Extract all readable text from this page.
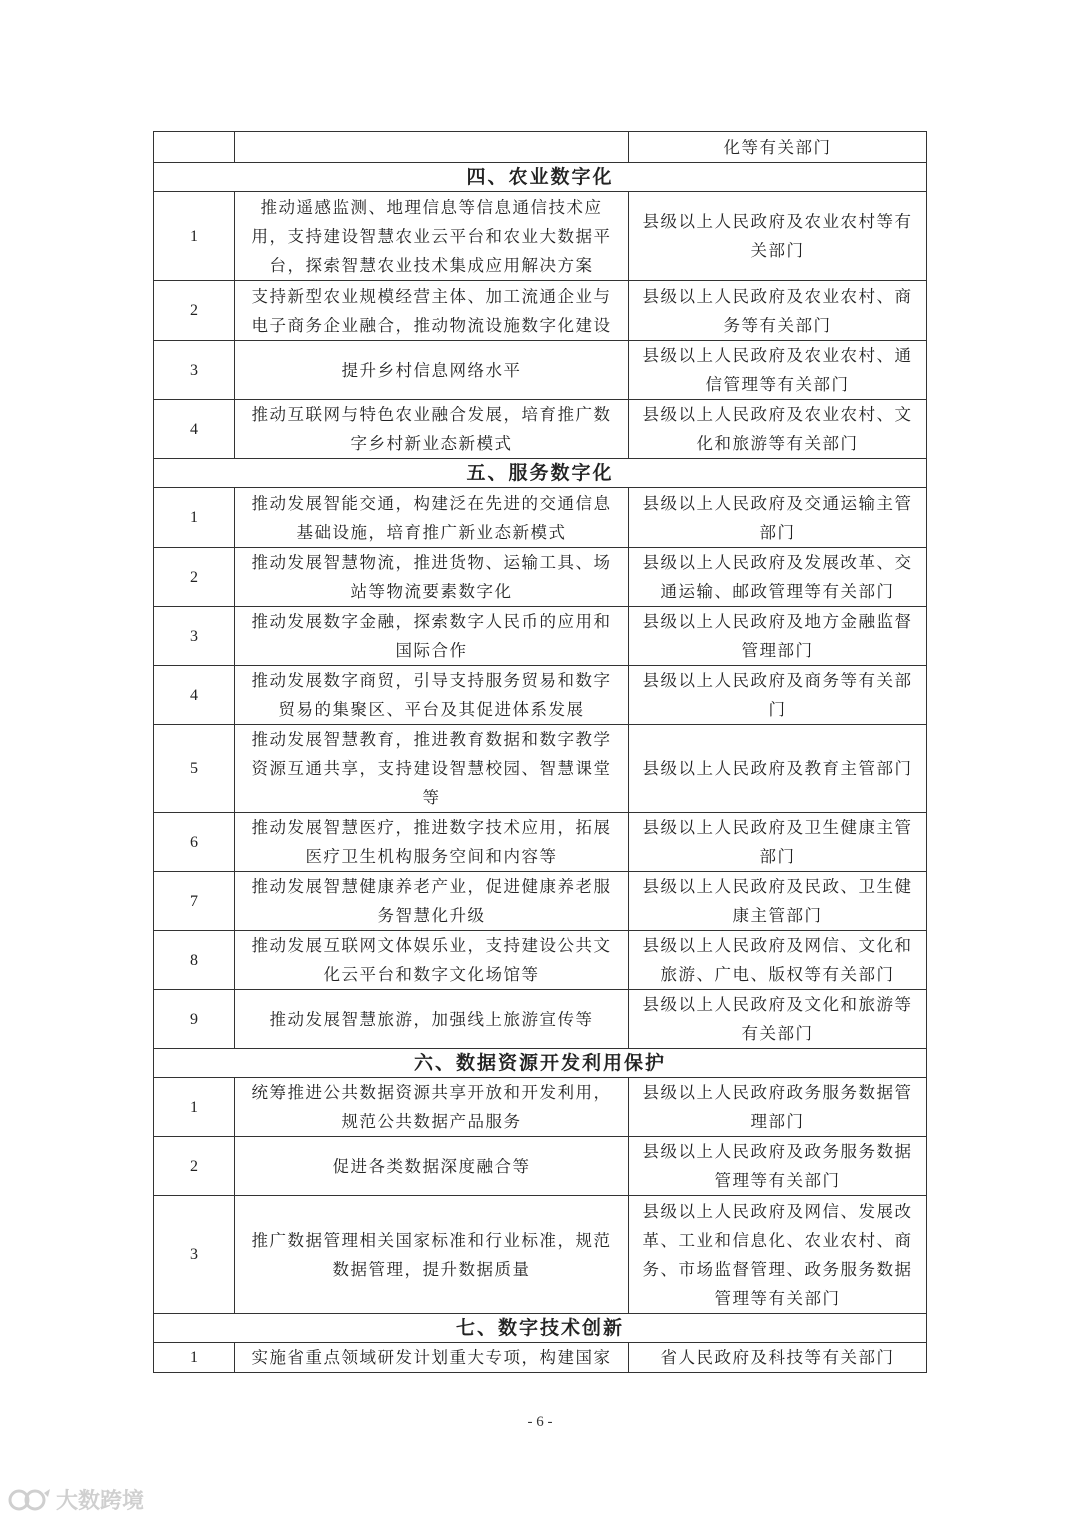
		化等有关部门
四、农业数字化		
1	推动遥感监测、地理信息等信息通信技术应用，支持建设智慧农业云平台和农业大数据平台，探索智慧农业技术集成应用解决方案	县级以上人民政府及农业农村等有关部门
2	支持新型农业规模经营主体、加工流通企业与电子商务企业融合，推动物流设施数字化建设	县级以上人民政府及农业农村、商务等有关部门
3	提升乡村信息网络水平	县级以上人民政府及农业农村、通信管理等有关部门
4	推动互联网与特色农业融合发展，培育推广数字乡村新业态新模式	县级以上人民政府及农业农村、文化和旅游等有关部门
五、服务数字化		
1	推动发展智能交通，构建泛在先进的交通信息基础设施，培育推广新业态新模式	县级以上人民政府及交通运输主管部门
2	推动发展智慧物流，推进货物、运输工具、场站等物流要素数字化	县级以上人民政府及发展改革、交通运输、邮政管理等有关部门
3	推动发展数字金融，探索数字人民币的应用和国际合作	县级以上人民政府及地方金融监督管理部门
4	推动发展数字商贸，引导支持服务贸易和数字贸易的集聚区、平台及其促进体系发展	县级以上人民政府及商务等有关部门
5	推动发展智慧教育，推进教育数据和数字教学资源互通共享，支持建设智慧校园、智慧课堂等	县级以上人民政府及教育主管部门
6	推动发展智慧医疗，推进数字技术应用，拓展医疗卫生机构服务空间和内容等	县级以上人民政府及卫生健康主管部门
7	推动发展智慧健康养老产业，促进健康养老服务智慧化升级	县级以上人民政府及民政、卫生健康主管部门
8	推动发展互联网文体娱乐业，支持建设公共文化云平台和数字文化场馆等	县级以上人民政府及网信、文化和旅游、广电、版权等有关部门
9	推动发展智慧旅游，加强线上旅游宣传等	县级以上人民政府及文化和旅游等有关部门
六、数据资源开发利用保护		
1	统筹推进公共数据资源共享开放和开发利用，规范公共数据产品服务	县级以上人民政府政务服务数据管理部门
2	促进各类数据深度融合等	县级以上人民政府及政务服务数据管理等有关部门
3	推广数据管理相关国家标准和行业标准，规范数据管理，提升数据质量	县级以上人民政府及网信、发展改革、工业和信息化、农业农村、商务、市场监督管理、政务服务数据管理等有关部门
七、数字技术创新		
1	实施省重点领域研发计划重大专项，构建国家	省人民政府及科技等有关部门
- 6 -
大数跨境
